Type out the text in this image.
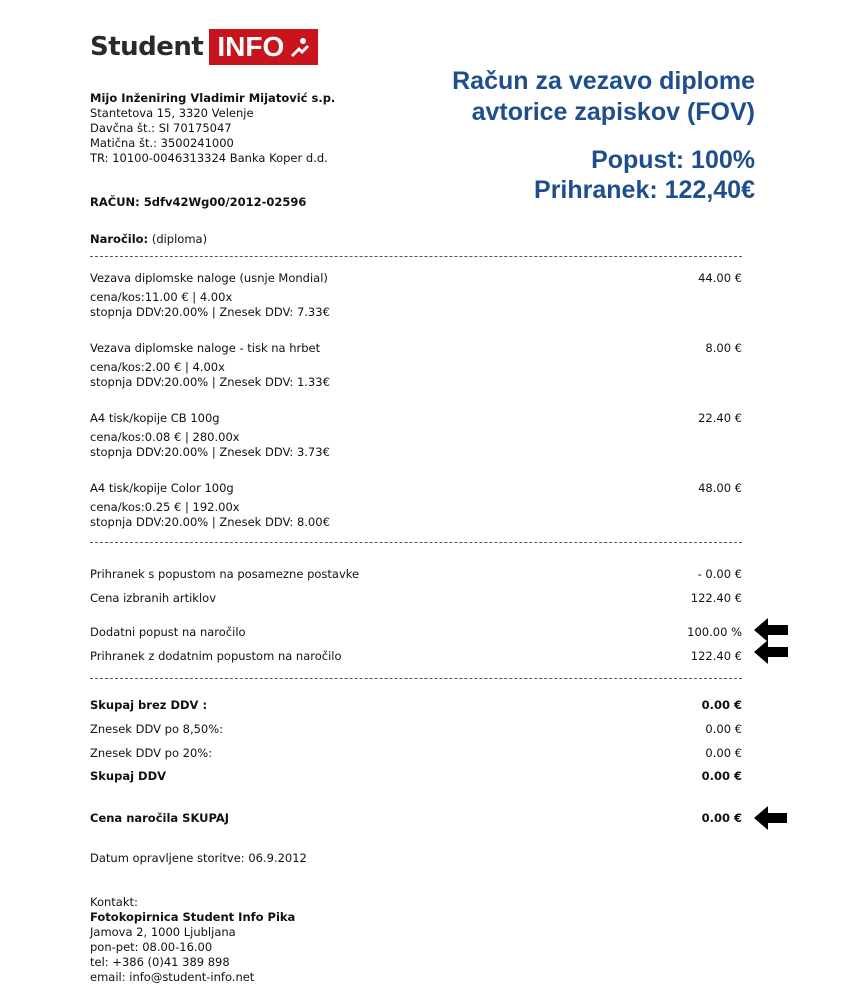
Student INFO
Račun za vezavo diplome
avtorice zapiskov (FOV)
Popust: 100%
Prihranek: 122,40€
Mijo Inženiring Vladimir Mijatović s.p.
Stantetova 15, 3320 Velenje
Davčna št.: SI 70175047
Matična št.: 3500241000
TR: 10100-0046313324 Banka Koper d.d.
RAČUN: 5dfv42Wg00/2012-02596
Naročilo: (diploma)
Vezava diplomske naloge (usnje Mondial)	44.00 €
cena/kos:11.00 € | 4.00x
stopnja DDV:20.00% | Znesek DDV: 7.33€
Vezava diplomske naloge - tisk na hrbet	8.00 €
cena/kos:2.00 € | 4.00x
stopnja DDV:20.00% | Znesek DDV: 1.33€
A4 tisk/kopije CB 100g	22.40 €
cena/kos:0.08 € | 280.00x
stopnja DDV:20.00% | Znesek DDV: 3.73€
A4 tisk/kopije Color 100g	48.00 €
cena/kos:0.25 € | 192.00x
stopnja DDV:20.00% | Znesek DDV: 8.00€
Prihranek s popustom na posamezne postavke	- 0.00 €
Cena izbranih artiklov	122.40 €
Dodatni popust na naročilo	100.00 %
Prihranek z dodatnim popustom na naročilo	122.40 €
Skupaj brez DDV :	0.00 €
Znesek DDV po 8,50%:	0.00 €
Znesek DDV po 20%:	0.00 €
Skupaj DDV	0.00 €
Cena naročila SKUPAJ	0.00 €
Datum opravljene storitve: 06.9.2012
Kontakt:
Fotokopirnica Student Info Pika
Jamova 2, 1000 Ljubljana
pon-pet: 08.00-16.00
tel: +386 (0)41 389 898
email: info@student-info.net
